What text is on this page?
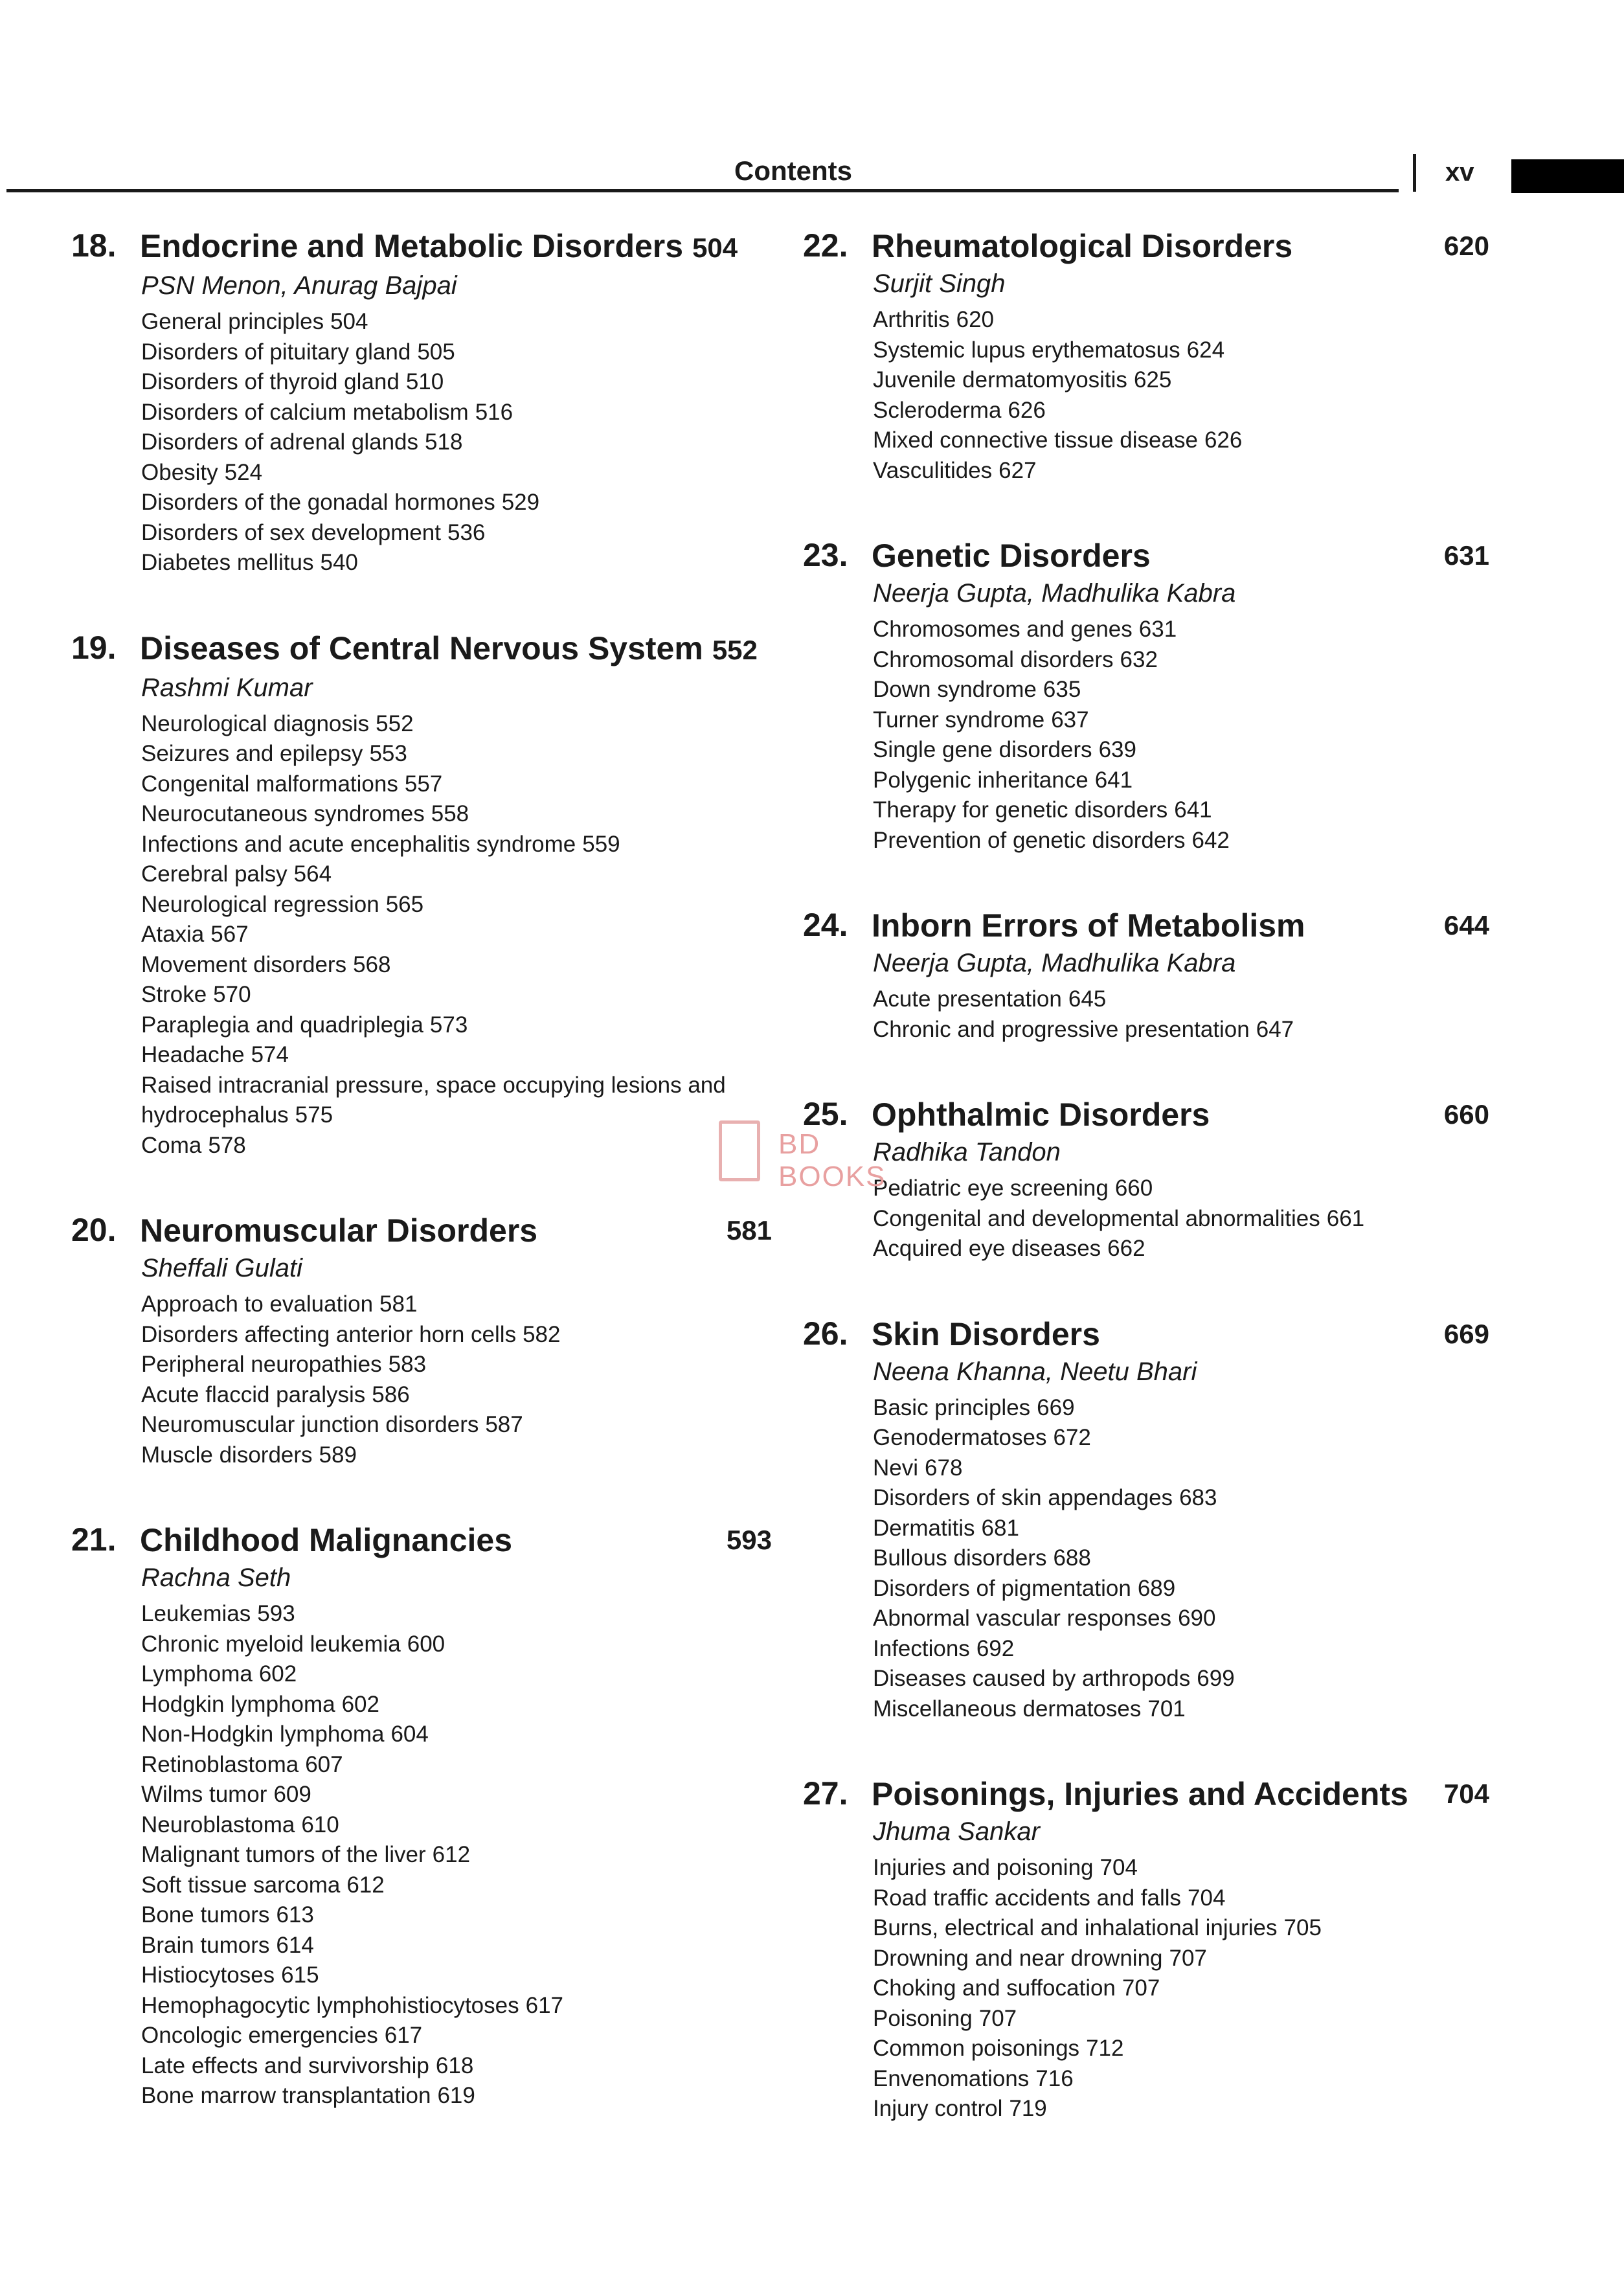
Contents	xv
18. Endocrine and Metabolic Disorders 504
PSN Menon, Anurag Bajpai
General principles 504
Disorders of pituitary gland 505
Disorders of thyroid gland 510
Disorders of calcium metabolism 516
Disorders of adrenal glands 518
Obesity 524
Disorders of the gonadal hormones 529
Disorders of sex development 536
Diabetes mellitus 540
19. Diseases of Central Nervous System 552
Rashmi Kumar
Neurological diagnosis 552
Seizures and epilepsy 553
Congenital malformations 557
Neurocutaneous syndromes 558
Infections and acute encephalitis syndrome 559
Cerebral palsy 564
Neurological regression 565
Ataxia 567
Movement disorders 568
Stroke 570
Paraplegia and quadriplegia 573
Headache 574
Raised intracranial pressure, space occupying lesions and
hydrocephalus 575
Coma 578
20. Neuromuscular Disorders	581
Sheffali Gulati
Approach to evaluation 581
Disorders affecting anterior horn cells 582
Peripheral neuropathies 583
Acute flaccid paralysis 586
Neuromuscular junction disorders 587
Muscle disorders 589
21. Childhood Malignancies	593
Rachna Seth
Leukemias 593
Chronic myeloid leukemia 600
Lymphoma 602
Hodgkin lymphoma 602
Non-Hodgkin lymphoma 604
Retinoblastoma 607
Wilms tumor 609
Neuroblastoma 610
Malignant tumors of the liver 612
Soft tissue sarcoma 612
Bone tumors 613
Brain tumors 614
Histiocytoses 615
Hemophagocytic lymphohistiocytoses 617
Oncologic emergencies 617
Late effects and survivorship 618
Bone marrow transplantation 619
22. Rheumatological Disorders	620
Surjit Singh
Arthritis 620
Systemic lupus erythematosus 624
Juvenile dermatomyositis 625
Scleroderma 626
Mixed connective tissue disease 626
Vasculitides 627
23. Genetic Disorders	631
Neerja Gupta, Madhulika Kabra
Chromosomes and genes 631
Chromosomal disorders 632
Down syndrome 635
Turner syndrome 637
Single gene disorders 639
Polygenic inheritance 641
Therapy for genetic disorders 641
Prevention of genetic disorders 642
24. Inborn Errors of Metabolism	644
Neerja Gupta, Madhulika Kabra
Acute presentation 645
Chronic and progressive presentation 647
25. Ophthalmic Disorders	660
Radhika Tandon
Pediatric eye screening 660
Congenital and developmental abnormalities 661
Acquired eye diseases 662
26. Skin Disorders	669
Neena Khanna, Neetu Bhari
Basic principles 669
Genodermatoses 672
Nevi 678
Disorders of skin appendages 683
Dermatitis 681
Bullous disorders 688
Disorders of pigmentation 689
Abnormal vascular responses 690
Infections 692
Diseases caused by arthropods 699
Miscellaneous dermatoses 701
27. Poisonings, Injuries and Accidents	704
Jhuma Sankar
Injuries and poisoning 704
Road traffic accidents and falls 704
Burns, electrical and inhalational injuries 705
Drowning and near drowning 707
Choking and suffocation 707
Poisoning 707
Common poisonings 712
Envenomations 716
Injury control 719
BD BOOKS
